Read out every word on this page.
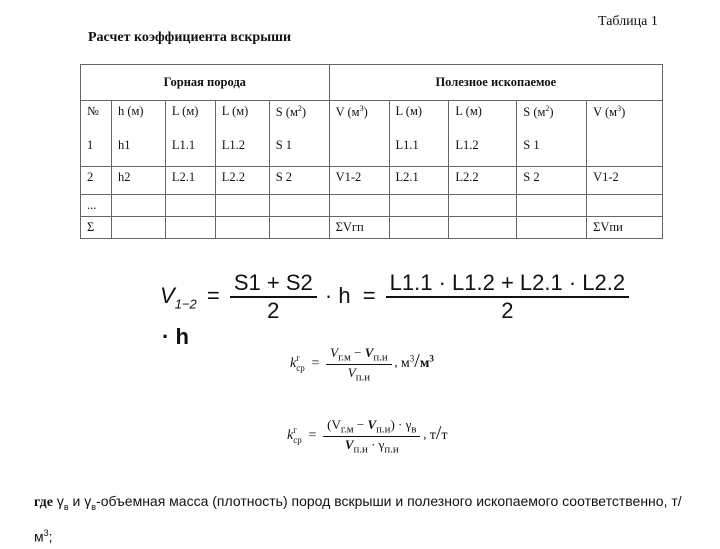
Таблица 1
Расчет коэффициента вскрыши
Горная порода					Полезное ископаемое				
№	h (м)	L (м)	L (м)	S $(м^2)$	V $(м^3)$	L (м)	L (м)	S $(м^2)$	V $(м^3)$
1	h1	L1.1	L1.2	S 1		L1.1	L1.2	S 1	
2	h2	L2.1	L2.2	S 2	V1-2	L2.1	L2.2	S 2	V1-2
...									
Σ					ΣVгп				ΣVпи
$V_{1-2} = \frac{S1 + S2}{2} \cdot h = \frac{L1.1 \cdot L1.2 + L2.1 \cdot L2.2}{2}$
· h
k г
ср = $\frac{V_{г.м} - V_{п.и}}{V_{п.и}}$ , $м^3/м^3$
k г
ср = $\frac{(V_{г.м} - V_{п.и}) \cdot \gamma_в}{V_{п.и} \cdot \gamma_{п.и}}$ , т/т
где $\gamma_в$ и $\gamma_в$-объемная масса (плотность) пород вскрыши и полезного ископаемого соответственно, $т/м^3$;
